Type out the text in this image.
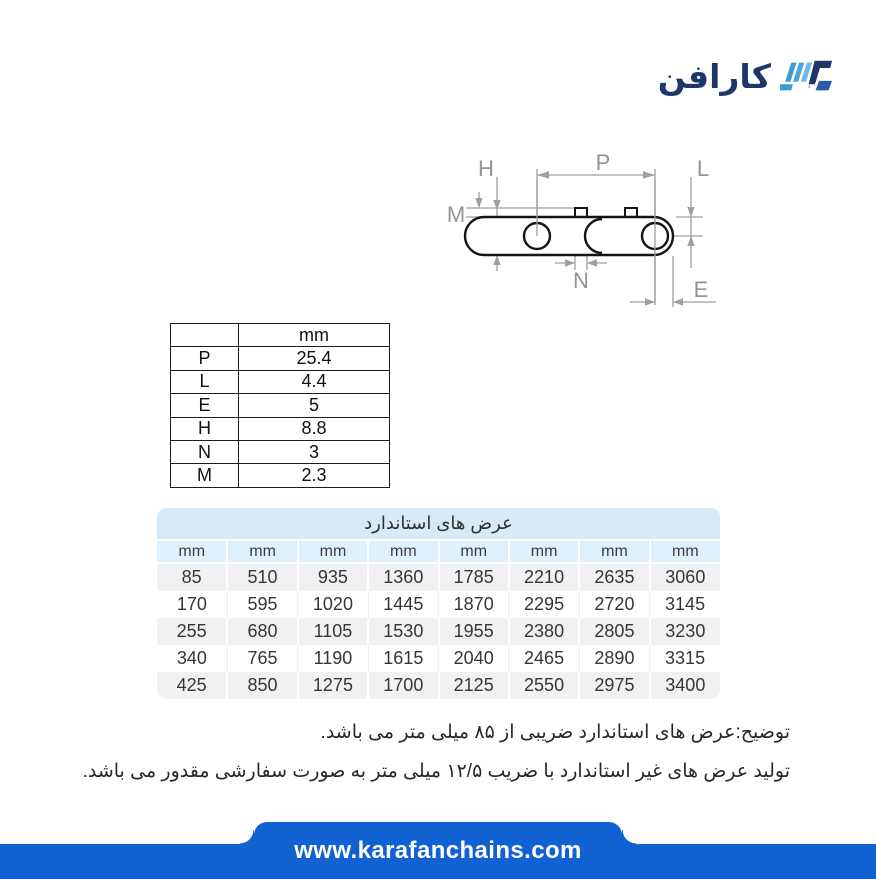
کارافن
H	P	L
M
N	E
	mm
P	25.4
L	4.4
E	5
H	8.8
N	3
M	2.3
عرض های استاندارد							
mm	mm	mm	mm	mm	mm	mm	mm
85	510	935	1360	1785	2210	2635	3060
170	595	1020	1445	1870	2295	2720	3145
255	680	1105	1530	1955	2380	2805	3230
340	765	1190	1615	2040	2465	2890	3315
425	850	1275	1700	2125	2550	2975	3400
توضیح:عرض های استاندارد ضریبی از ۸۵ میلی متر می باشد.
تولید عرض های غیر استاندارد با ضریب ۱۲/۵ میلی متر به صورت سفارشی مقدور می باشد.
www.karafanchains.com
